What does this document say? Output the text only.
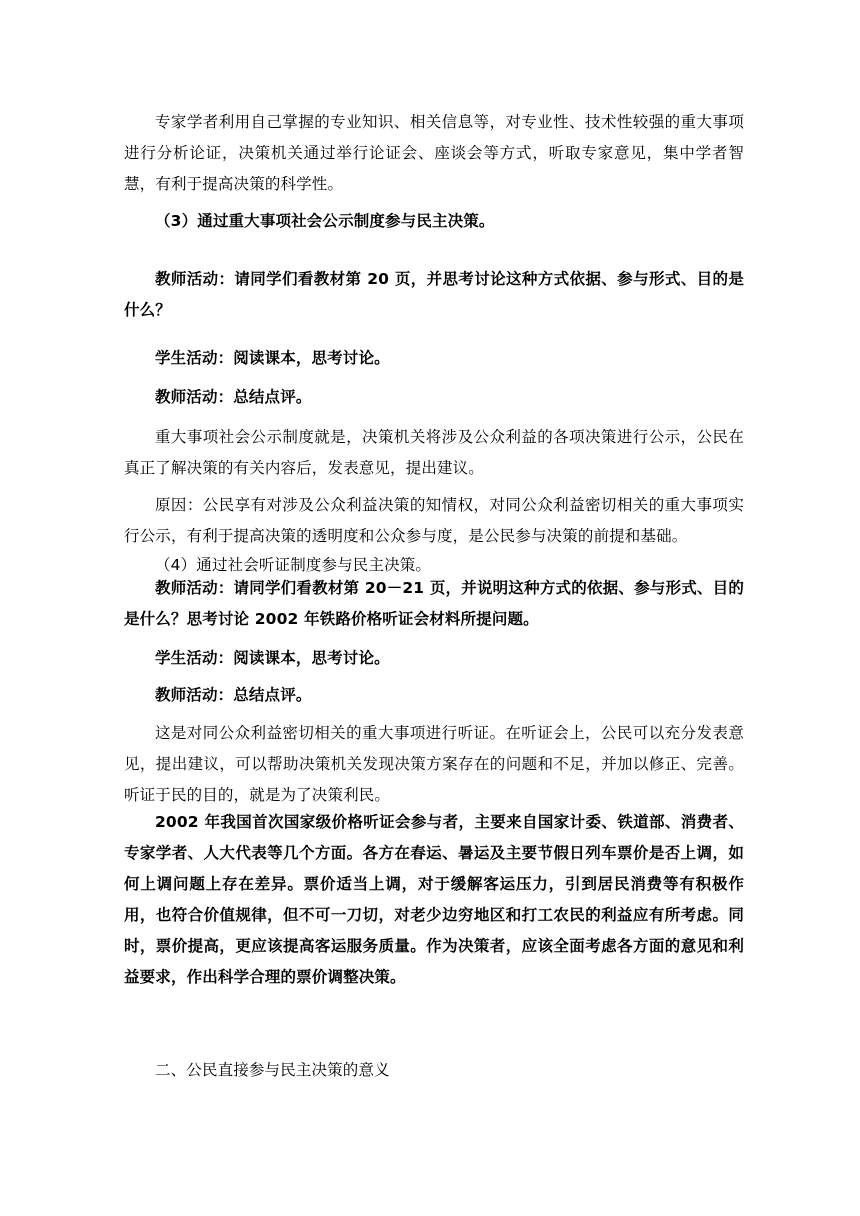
专家学者利用自己掌握的专业知识、相关信息等，对专业性、技术性较强的重大事项进行分析论证，决策机关通过举行论证会、座谈会等方式，听取专家意见，集中学者智慧，有利于提高决策的科学性。

（3）通过重大事项社会公示制度参与民主决策。

教师活动：请同学们看教材第 20 页，并思考讨论这种方式依据、参与形式、目的是什么？

学生活动：阅读课本，思考讨论。

教师活动：总结点评。

重大事项社会公示制度就是，决策机关将涉及公众利益的各项决策进行公示，公民在真正了解决策的有关内容后，发表意见，提出建议。

原因：公民享有对涉及公众利益决策的知情权，对同公众利益密切相关的重大事项实行公示，有利于提高决策的透明度和公众参与度，是公民参与决策的前提和基础。

（4）通过社会听证制度参与民主决策。

教师活动：请同学们看教材第 20－21 页，并说明这种方式的依据、参与形式、目的是什么？思考讨论 2002 年铁路价格听证会材料所提问题。

学生活动：阅读课本，思考讨论。

教师活动：总结点评。

这是对同公众利益密切相关的重大事项进行听证。在听证会上，公民可以充分发表意见，提出建议，可以帮助决策机关发现决策方案存在的问题和不足，并加以修正、完善。听证于民的目的，就是为了决策利民。

2002 年我国首次国家级价格听证会参与者，主要来自国家计委、铁道部、消费者、专家学者、人大代表等几个方面。各方在春运、暑运及主要节假日列车票价是否上调，如何上调问题上存在差异。票价适当上调，对于缓解客运压力，引到居民消费等有积极作用，也符合价值规律，但不可一刀切，对老少边穷地区和打工农民的利益应有所考虑。同时，票价提高，更应该提高客运服务质量。作为决策者，应该全面考虑各方面的意见和利益要求，作出科学合理的票价调整决策。

二、公民直接参与民主决策的意义
